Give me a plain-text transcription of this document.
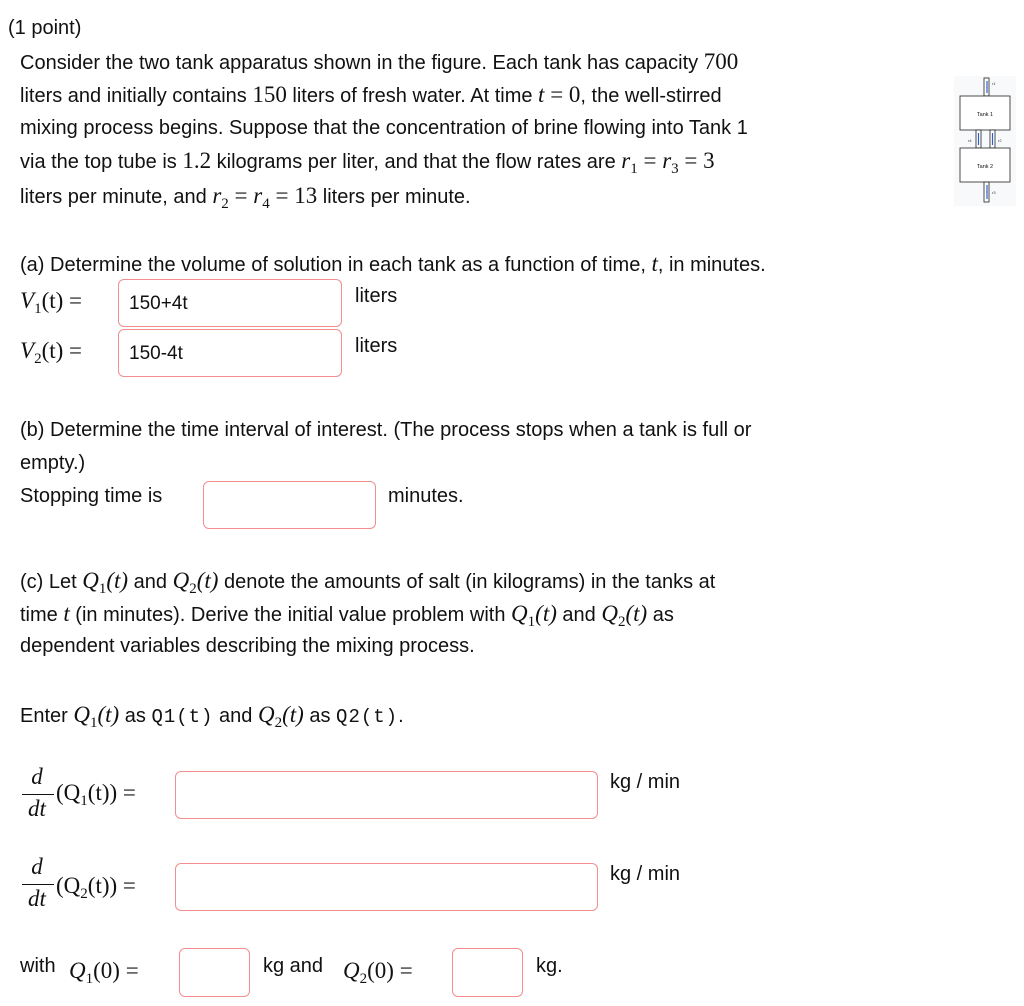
(1 point)
Consider the two tank apparatus shown in the figure. Each tank has capacity 700
liters and initially contains 150 liters of fresh water. At time t = 0, the well-stirred
mixing process begins. Suppose that the concentration of brine flowing into Tank 1
via the top tube is 1.2 kilograms per liter, and that the flow rates are $r_1 = r_3 = 3$
liters per minute, and $r_2 = r_4 = 13$ liters per minute.
r1
Tank 1
r4	r2
Tank 2
r3
(a) Determine the volume of solution in each tank as a function of time, t, in minutes.
$V_1(t)$ =	150+4t	liters
$V_2(t)$ =	150-4t	liters
(b) Determine the time interval of interest. (The process stops when a tank is full or
empty.)
Stopping time is	minutes.
(c) Let $Q_1(t)$ and $Q_2(t)$ denote the amounts of salt (in kilograms) in the tanks at
time t (in minutes). Derive the initial value problem with $Q_1(t)$ and $Q_2(t)$ as
dependent variables describing the mixing process.
Enter $Q_1(t)$ as Q1(t) and $Q_2(t)$ as Q2(t).
d
dt
$(Q_1(t))$ =	kg / min
d
dt
$(Q_2(t))$ =	kg / min
with $Q_1(0)$ =	kg and $Q_2(0)$ =	kg.
